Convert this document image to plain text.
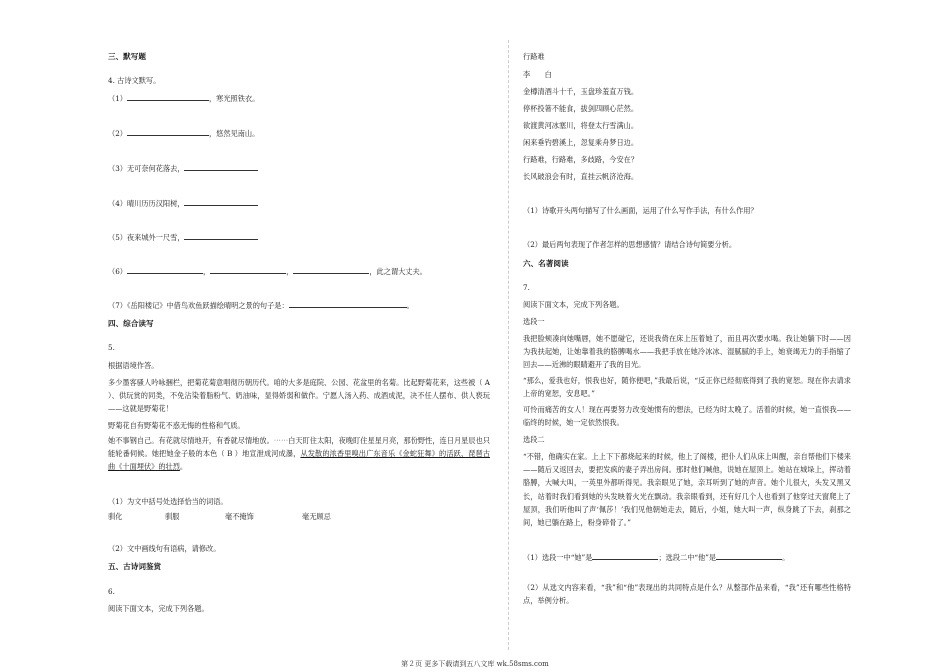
三、默写题
4. 古诗文默写。
（1）	，寒光照铁衣。
（2）	，悠然见南山。
（3）无可奈何花落去，
（4）晴川历历汉阳树，
（5）夜来城外一尺雪，
（6）	，	，	，此之谓大丈夫。
（7）《岳阳楼记》中借鸟欢鱼跃描绘晴明之景的句子是：	。
四、综合读写
5.
根据语境作答。
多少墨客骚人吟咏捆栏，把菊花菊意唱彻历朝历代。咱的大多是庭院、公园、花盆里的名菊。比起野菊花来，这些被（ A ）、供玩赏的同类，不免沾染着脂粉气、奶油味，显得娇弱和做作。宁愿人汤入药、成酒成泥，决不任人摆布、供人亵玩——这就是野菊花！
野菊花自有野菊花不惑无悔的性格和气质。
她不事钢自己。有花就尽情地开，有香就尽情地放。⋯⋯白天盯住太阳，夜晚盯住星星月亮，那份野性，连日月星辰也只能轮番伺候。她把她金子般的本色（ B ）地宣泄成河成瀑，从发散的浓香里嗅出广东音乐《金蛇狂舞》的活跃、琵琶古曲《十面埋伏》的壮烈。
（1）为文中括号处选择恰当的词语。
驯化	驯服	毫不掩饰	毫无顾忌
（2）文中画线句有语病，请修改。
五、古诗词鉴赏
6.
阅读下面文本，完成下列各题。
行路难
李　　白
金樽清酒斗十千，玉盘珍羞直万钱。
停杯投箸不能食，拔剑四顾心茫然。
欲渡黄河冰塞川，将登太行雪满山。
闲来垂钓碧溪上，忽复乘舟梦日边。
行路难，行路难，多歧路，今安在？
长风破浪会有时，直挂云帆济沧海。
（1）诗歌开头两句描写了什么画面，运用了什么写作手法，有什么作用？
（2）最后两句表现了作者怎样的思想感情？请结合诗句简要分析。
六、名著阅读
7.
阅读下面文本，完成下列各题。
选段一
我把脸颊凑向她嘴唇，她不愿碰它，还说我倚在床上压着她了，而且再次要水喝。我让她躺下时——因为我扶起她，让她靠着我的胳膊喝水——我把手放在她冷冰冰、湿腻腻的手上，她衰竭无力的手指缩了回去——近沸的眼睛避开了我的目光。
“那么，爱我也好，恨我也好，随你便吧，”我最后说，“反正你已经彻底得到了我的宽恕。现在你去请求上帝的宽恕，安息吧。”
可怜而痛苦的女人！现在再要努力改变她惯有的想法，已经为时太晚了。活着的时候，她一直恨我——临终的时候，她一定依然恨我。
选段二
“不错，他确实在家。上上下下都烧起来的时候，他上了阁楼，把仆人们从床上叫醒，亲自帮他们下楼来——随后又返回去，要把发疯的妻子弄出房间。那时他们喊他，说她在屋顶上。她站在城垛上，挥动着胳膊，大喊大叫，一英里外都听得见。我亲眼见了她，亲耳听到了她的声音。她个儿很大，头发又黑又长，站着时我们看到她的头发映着火光在飘动。我亲眼看到，还有好几个人也看到了他穿过天窗爬上了屋顶，我们听他叫了声‘佩莎！’我们见他朝她走去，随后，小姐，她大叫一声，纵身跳了下去，刹那之间，她已躺在路上，粉身碎骨了。”
（1）选段一中“她”是	；选段二中“他”是	。
（2）从选文内容来看，“我”和“他”表现出的共同特点是什么？从整部作品来看，“我”还有哪些性格特点，举例分析。
第２页 更多下载请到五八文库 wk.58sms.com
